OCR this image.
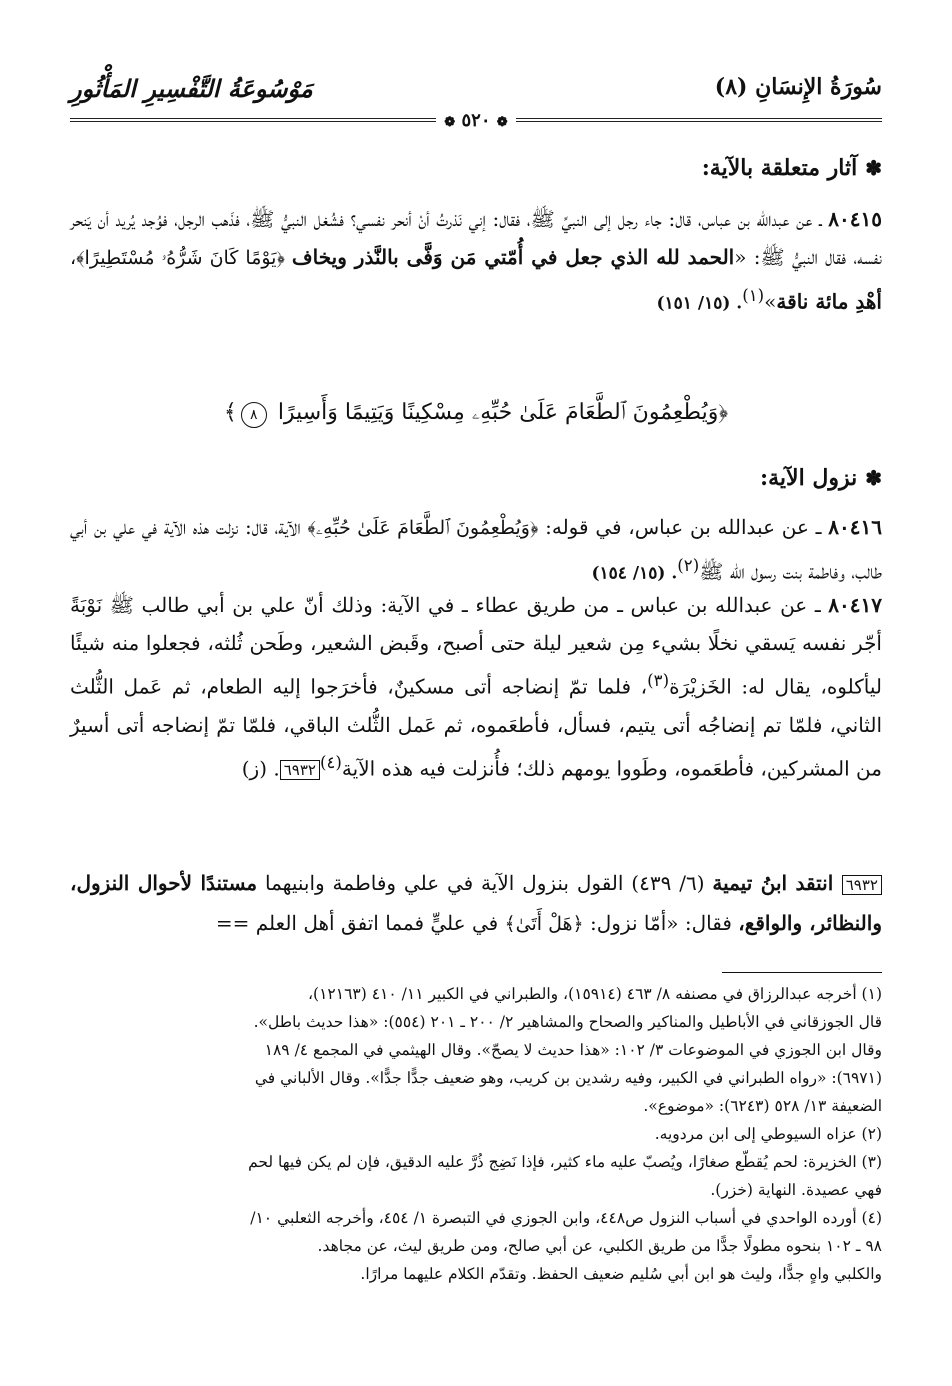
سُورَةُ الإِنسَانِ (٨)
مَوْسُوعَةُ التَّفْسِيرِ المَأْثُورِ
❁ ٥٢٠ ❁
✽آثار متعلقة بالآية:
٨٠٤١٥ ـ عن عبدالله بن عباس، قال: جاء رجل إلى النبيِّ ﷺ، فقال: إني نَذرتُ أنْ أنحر نفسي؟ فشُغل النبيُّ ﷺ، فذَهب الرجل، فوُجد يُريد أن يَنحر نفسه، فقال النبيُّ ﷺ: «الحمد لله الذي جعل في أُمّتي مَن وَفَّى بالنَّذر ويخاف ﴿يَوْمًا كَانَ شَرُّهُۥ مُسْتَطِيرًا﴾، أهْدِ مائة ناقة»$^{(١)}$. (١٥/ ١٥١)
﴿وَيُطْعِمُونَ ٱلطَّعَامَ عَلَىٰ حُبِّهِۦ مِسْكِينًا وَيَتِيمًا وَأَسِيرًا ٨﴾
✽نزول الآية:
٨٠٤١٦ ـ عن عبدالله بن عباس، في قوله: ﴿وَيُطْعِمُونَ ٱلطَّعَامَ عَلَىٰ حُبِّهِۦ﴾ الآية، قال: نزلت هذه الآية في علي بن أبي طالب، وفاطمة بنت رسول الله ﷺ$^{(٢)}$. (١٥/ ١٥٤)
٨٠٤١٧ ـ عن عبدالله بن عباس ـ من طريق عطاء ـ في الآية: وذلك أنّ علي بن أبي طالب ﷺ نَوْبَةً أجّر نفسه يَسقي نخلًا بشيء مِن شعير ليلة حتى أصبح، وقَبض الشعير، وطَحن ثُلثه، فجعلوا منه شيئًا ليأكلوه، يقال له: الخَزيْرَة$^{(٣)}$، فلما تمّ إنضاجه أتى مسكينٌ، فأخرَجوا إليه الطعام، ثم عَمل الثُّلث الثاني، فلمّا تم إنضاجُه أتى يتيم، فسأل، فأطعَموه، ثم عَمل الثُّلث الباقي، فلمّا تمّ إنضاجه أتى أسيرٌ من المشركين، فأطعَموه، وطَووا يومهم ذلك؛ فأُنزلت فيه هذه الآية$^{(٤)}$٦٩٣٢. (ز)
٦٩٣٢ انتقد ابنُ تيمية (٦/ ٤٣٩) القول بنزول الآية في علي وفاطمة وابنيهما مستندًا لأحوال النزول، والنظائر، والواقع، فقال: «أمّا نزول: ﴿هَلْ أَتَىٰ﴾ في عليٍّ فمما اتفق أهل العلم ==
(١) أخرجه عبدالرزاق في مصنفه ٨/ ٤٦٣ (١٥٩١٤)، والطبراني في الكبير ١١/ ٤١٠ (١٢١٦٣)،
قال الجوزقاني في الأباطيل والمناكير والصحاح والمشاهير ٢/ ٢٠٠ ـ ٢٠١ (٥٥٤): «هذا حديث باطل».
وقال ابن الجوزي في الموضوعات ٣/ ١٠٢: «هذا حديث لا يصحّ». وقال الهيثمي في المجمع ٤/ ١٨٩
(٦٩٧١): «رواه الطبراني في الكبير، وفيه رشدين بن كريب، وهو ضعيف جدًّا جدًّا». وقال الألباني في
الضعيفة ١٣/ ٥٢٨ (٦٢٤٣): «موضوع».
(٢) عزاه السيوطي إلى ابن مردويه.
(٣) الخزيرة: لحم يُقطّع صغارًا، ويُصبّ عليه ماء كثير، فإذا نَضِج ذُرَّ عليه الدقيق، فإن لم يكن فيها لحم
فهي عصيدة. النهاية (خزر).
(٤) أورده الواحدي في أسباب النزول ص٤٤٨، وابن الجوزي في التبصرة ١/ ٤٥٤، وأخرجه الثعلبي ١٠/
٩٨ ـ ١٠٢ بنحوه مطولًا جدًّا من طريق الكلبي، عن أبي صالح، ومن طريق ليث، عن مجاهد.
والكلبي واهٍ جدًّا، وليث هو ابن أبي سُليم ضعيف الحفظ. وتقدّم الكلام عليهما مرارًا.
